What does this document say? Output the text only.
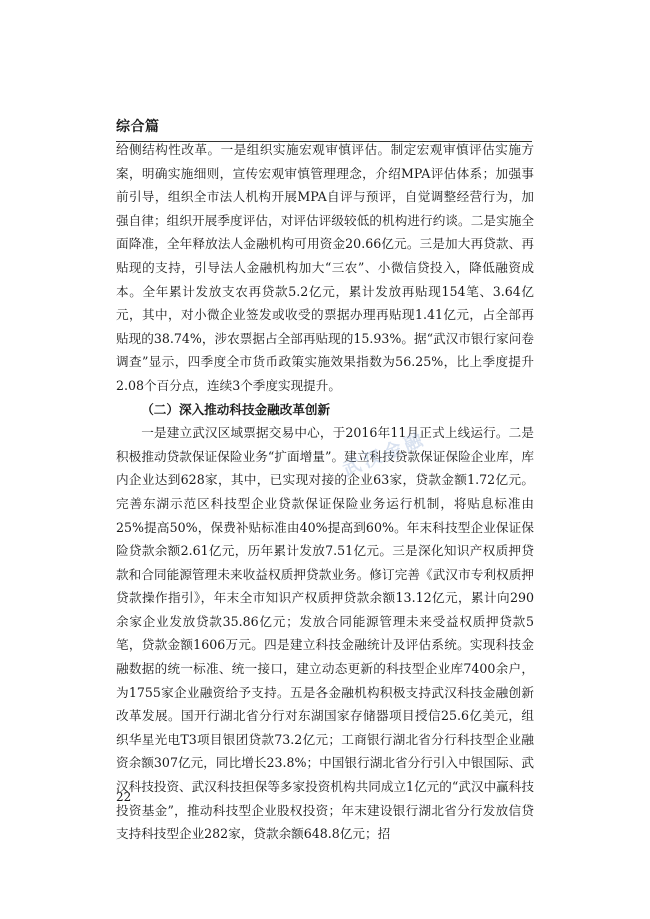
综合篇

给侧结构性改革。一是组织实施宏观审慎评估。制定宏观审慎评估实施方案，明确实施细则，宣传宏观审慎管理理念，介绍MPA评估体系；加强事前引导，组织全市法人机构开展MPA自评与预评，自觉调整经营行为，加强自律；组织开展季度评估，对评估评级较低的机构进行约谈。二是实施全面降准，全年释放法人金融机构可用资金20.66亿元。三是加大再贷款、再贴现的支持，引导法人金融机构加大“三农”、小微信贷投入，降低融资成本。全年累计发放支农再贷款5.2亿元，累计发放再贴现154笔、3.64亿元，其中，对小微企业签发或收受的票据办理再贴现1.41亿元，占全部再贴现的38.74%，涉农票据占全部再贴现的15.93%。据“武汉市银行家问卷调查”显示，四季度全市货币政策实施效果指数为56.25%，比上季度提升2.08个百分点，连续3个季度实现提升。

（二）深入推动科技金融改革创新

一是建立武汉区域票据交易中心，于2016年11月正式上线运行。二是积极推动贷款保证保险业务“扩面增量”。建立科技贷款保证保险企业库，库内企业达到628家，其中，已实现对接的企业63家，贷款金额1.72亿元。完善东湖示范区科技型企业贷款保证保险业务运行机制，将贴息标准由25%提高50%，保费补贴标准由40%提高到60%。年末科技型企业保证保险贷款余额2.61亿元，历年累计发放7.51亿元。三是深化知识产权质押贷款和合同能源管理未来收益权质押贷款业务。修订完善《武汉市专利权质押贷款操作指引》，年末全市知识产权质押贷款余额13.12亿元，累计向290余家企业发放贷款35.86亿元；发放合同能源管理未来受益权质押贷款5笔，贷款金额1606万元。四是建立科技金融统计及评估系统。实现科技金融数据的统一标准、统一接口，建立动态更新的科技型企业库7400余户，为1755家企业融资给予支持。五是各金融机构积极支持武汉科技金融创新改革发展。国开行湖北省分行对东湖国家存储器项目授信25.6亿美元，组织华星光电T3项目银团贷款73.2亿元；工商银行湖北省分行科技型企业融资余额307亿元，同比增长23.8%；中国银行湖北省分行引入中银国际、武汉科技投资、武汉科技担保等多家投资机构共同成立1亿元的“武汉中赢科技投资基金”，推动科技型企业股权投资；年末建设银行湖北省分行发放信贷支持科技型企业282家，贷款余额648.8亿元；招

武汉金融
22
